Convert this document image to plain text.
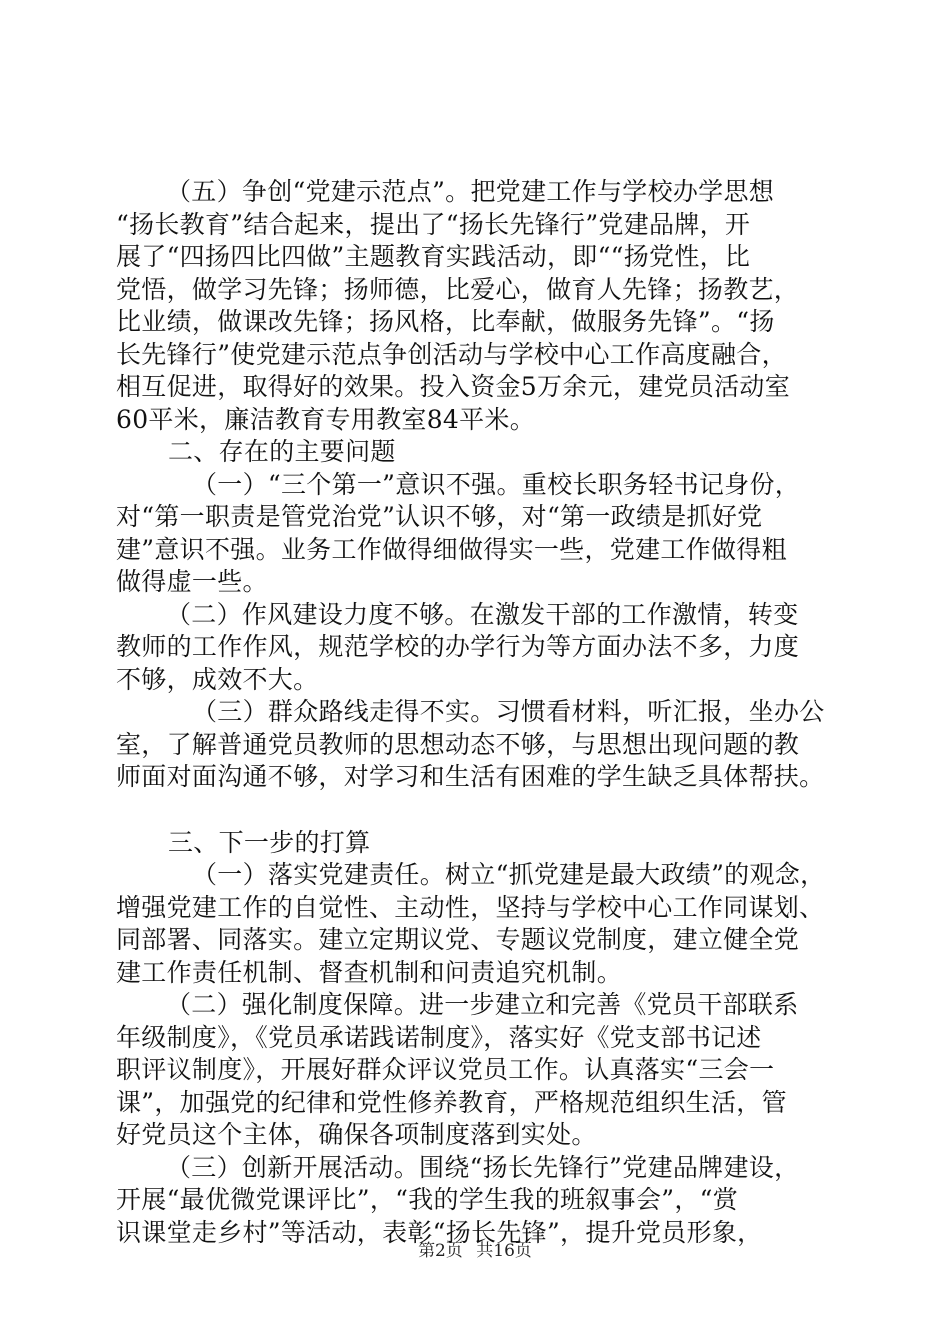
（五）争创“党建示范点”。把党建工作与学校办学思想
“扬长教育”结合起来，提出了“扬长先锋行”党建品牌，开
展了“四扬四比四做”主题教育实践活动，即““扬党性，比
党悟，做学习先锋；扬师德，比爱心，做育人先锋；扬教艺，
比业绩，做课改先锋；扬风格，比奉献，做服务先锋”。“扬
长先锋行”使党建示范点争创活动与学校中心工作高度融合，
相互促进，取得好的效果。投入资金5万余元，建党员活动室
60平米，廉洁教育专用教室84平米。
二、存在的主要问题
（一）“三个第一”意识不强。重校长职务轻书记身份，
对“第一职责是管党治党”认识不够，对“第一政绩是抓好党
建”意识不强。业务工作做得细做得实一些，党建工作做得粗
做得虚一些。
（二）作风建设力度不够。在激发干部的工作激情，转变
教师的工作作风，规范学校的办学行为等方面办法不多，力度
不够，成效不大。
（三）群众路线走得不实。习惯看材料，听汇报，坐办公
室，了解普通党员教师的思想动态不够，与思想出现问题的教
师面对面沟通不够，对学习和生活有困难的学生缺乏具体帮扶。
三、下一步的打算
（一）落实党建责任。树立“抓党建是最大政绩”的观念，
增强党建工作的自觉性、主动性，坚持与学校中心工作同谋划、
同部署、同落实。建立定期议党、专题议党制度，建立健全党
建工作责任机制、督查机制和问责追究机制。
（二）强化制度保障。进一步建立和完善《党员干部联系
年级制度》，《党员承诺践诺制度》，落实好《党支部书记述
职评议制度》，开展好群众评议党员工作。认真落实“三会一
课”，加强党的纪律和党性修养教育，严格规范组织生活，管
好党员这个主体，确保各项制度落到实处。
（三）创新开展活动。围绕“扬长先锋行”党建品牌建设，
开展“最优微党课评比”，“我的学生我的班叙事会”，“赏
识课堂走乡村”等活动，表彰“扬长先锋”，提升党员形象，
第2页 共16页
